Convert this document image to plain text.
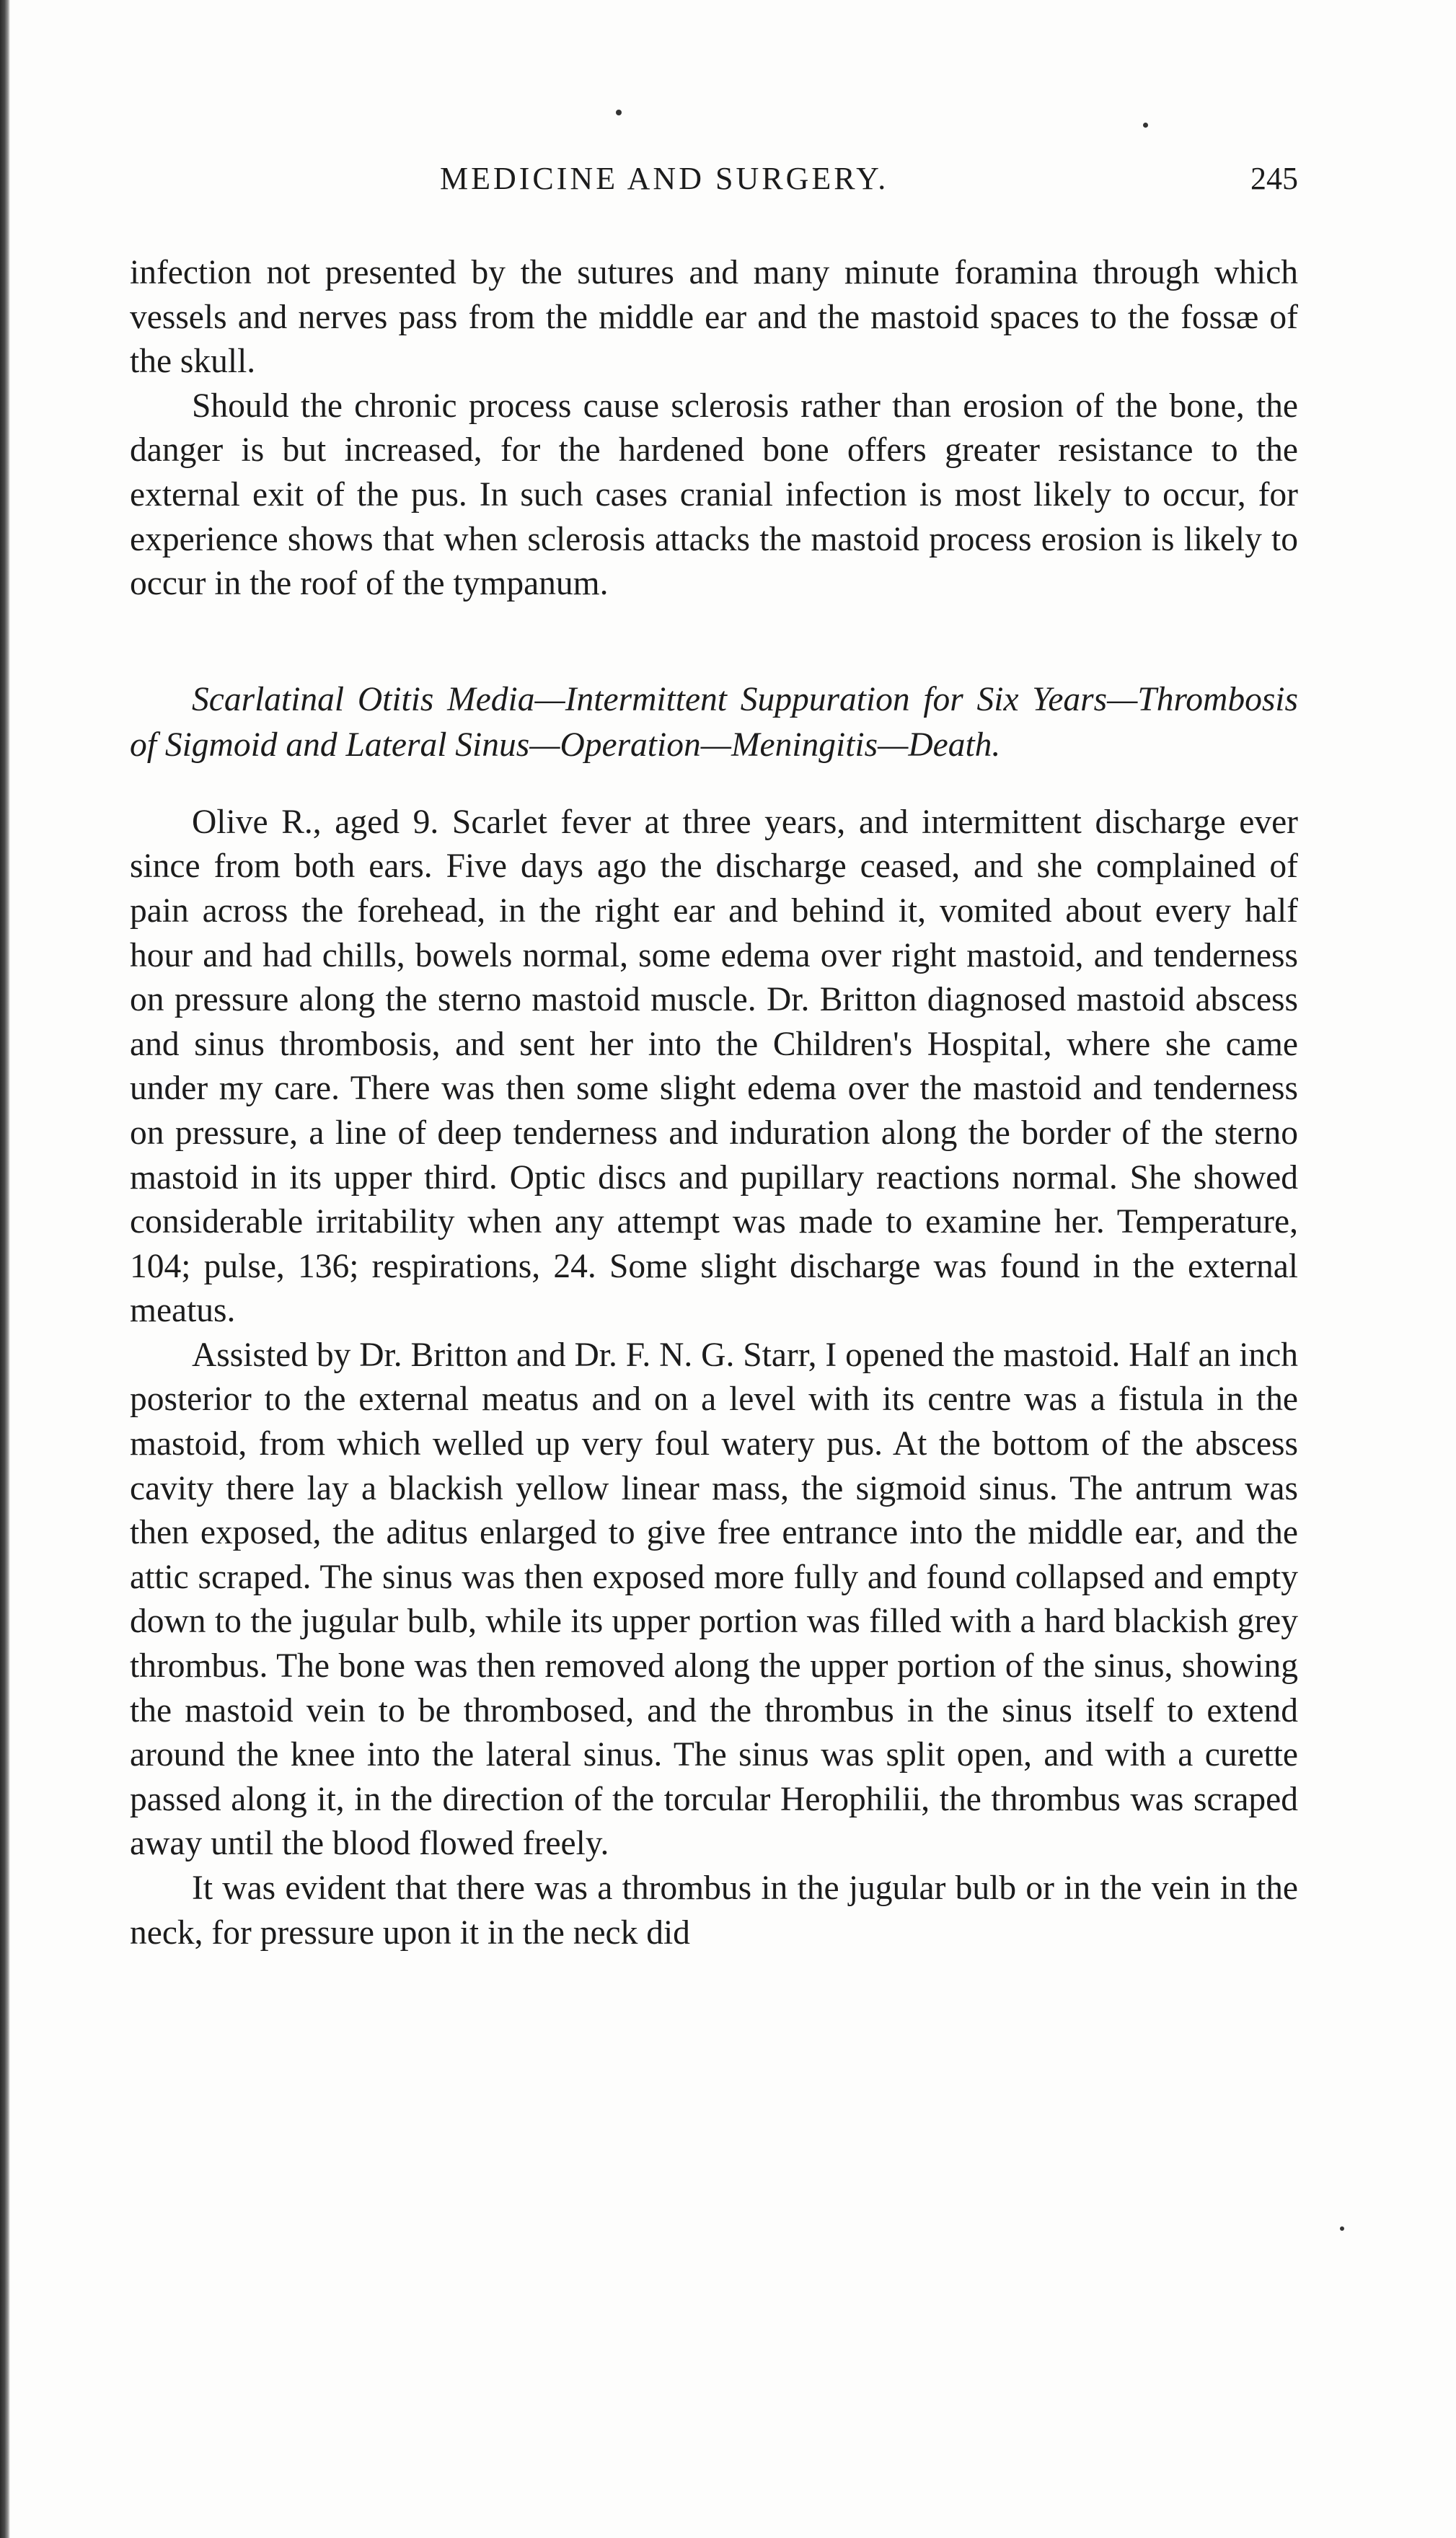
MEDICINE AND SURGERY.	245

infection not presented by the sutures and many minute foramina through which vessels and nerves pass from the middle ear and the mastoid spaces to the fossæ of the skull.

Should the chronic process cause sclerosis rather than erosion of the bone, the danger is but increased, for the hardened bone offers greater resistance to the external exit of the pus. In such cases cranial infection is most likely to occur, for experience shows that when sclerosis attacks the mastoid process erosion is likely to occur in the roof of the tympanum.

Scarlatinal Otitis Media—Intermittent Suppuration for Six Years—Thrombosis of Sigmoid and Lateral Sinus—Operation—Meningitis—Death.

Olive R., aged 9. Scarlet fever at three years, and intermittent discharge ever since from both ears. Five days ago the discharge ceased, and she complained of pain across the forehead, in the right ear and behind it, vomited about every half hour and had chills, bowels normal, some edema over right mastoid, and tenderness on pressure along the sterno mastoid muscle. Dr. Britton diagnosed mastoid abscess and sinus thrombosis, and sent her into the Children's Hospital, where she came under my care. There was then some slight edema over the mastoid and tenderness on pressure, a line of deep tenderness and induration along the border of the sterno mastoid in its upper third. Optic discs and pupillary reactions normal. She showed considerable irritability when any attempt was made to examine her. Temperature, 104; pulse, 136; respirations, 24. Some slight discharge was found in the external meatus.

Assisted by Dr. Britton and Dr. F. N. G. Starr, I opened the mastoid. Half an inch posterior to the external meatus and on a level with its centre was a fistula in the mastoid, from which welled up very foul watery pus. At the bottom of the abscess cavity there lay a blackish yellow linear mass, the sigmoid sinus. The antrum was then exposed, the aditus enlarged to give free entrance into the middle ear, and the attic scraped. The sinus was then exposed more fully and found collapsed and empty down to the jugular bulb, while its upper portion was filled with a hard blackish grey thrombus. The bone was then removed along the upper portion of the sinus, showing the mastoid vein to be thrombosed, and the thrombus in the sinus itself to extend around the knee into the lateral sinus. The sinus was split open, and with a curette passed along it, in the direction of the torcular Herophilii, the thrombus was scraped away until the blood flowed freely.

It was evident that there was a thrombus in the jugular bulb or in the vein in the neck, for pressure upon it in the neck did
